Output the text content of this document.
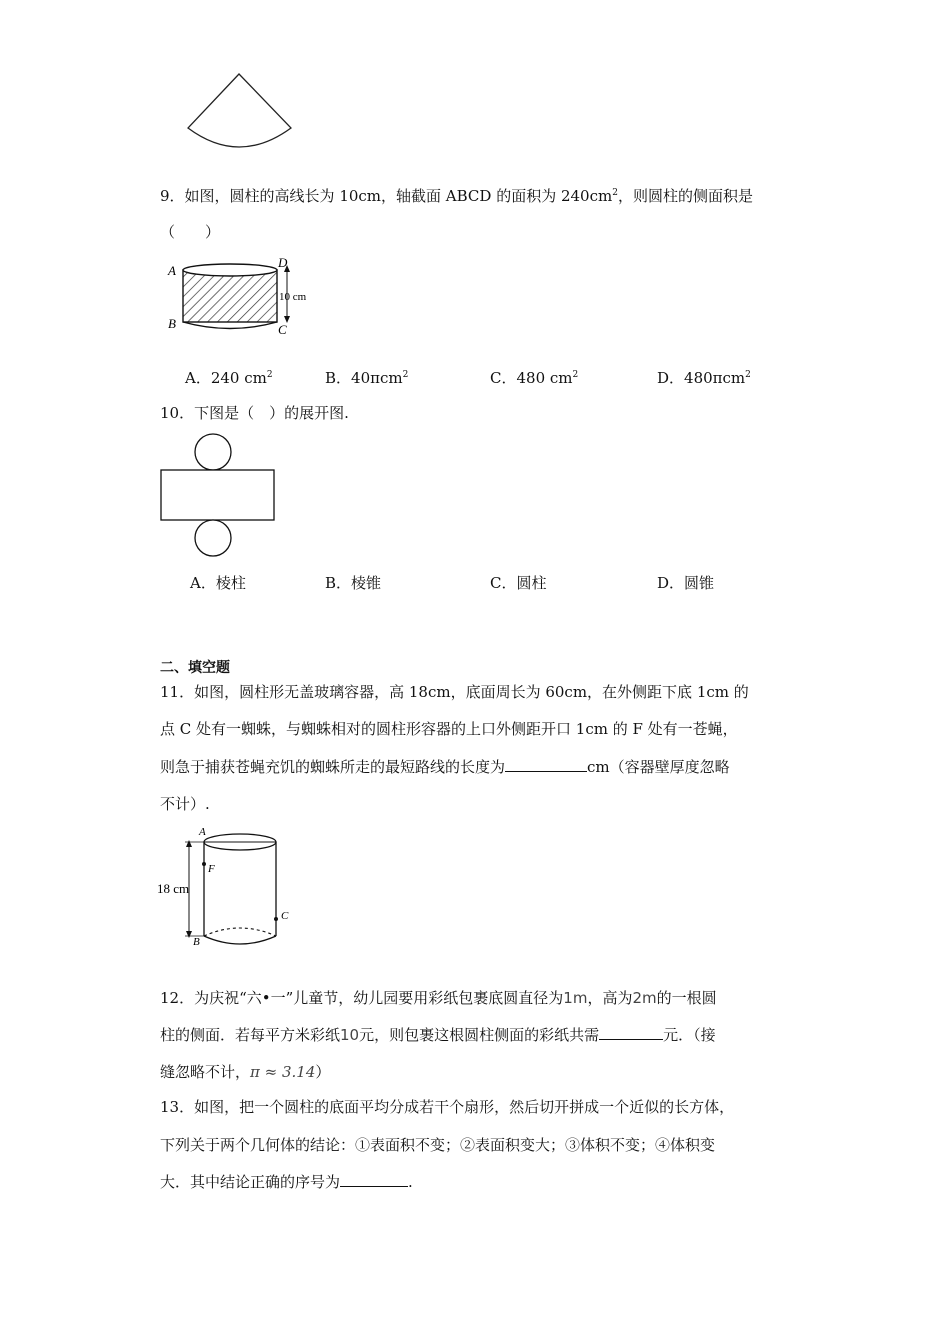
9．如图，圆柱的高线长为 10cm，轴截面 ABCD 的面积为 $240cm^2$，则圆柱的侧面积是
（　　）
A
B
D
C
10 cm
A．240 $cm^2$	B．40πcm$^2$	C．480 $cm^2$	D．480πcm$^2$
10．下图是（　）的展开图.
A．棱柱	B．棱锥	C．圆柱	D．圆锥
二、填空题
11．如图，圆柱形无盖玻璃容器，高 18cm，底面周长为 60cm，在外侧距下底 1cm 的
点 C 处有一蜘蛛，与蜘蛛相对的圆柱形容器的上口外侧距开口 1cm 的 F 处有一苍蝇，
则急于捕获苍蝇充饥的蜘蛛所走的最短路线的长度为	cm（容器壁厚度忽略
不计）.
A
F
C
B
18 cm
12．为庆祝“六•一”儿童节，幼儿园要用彩纸包裹底圆直径为1m，高为2m的一根圆
柱的侧面．若每平方米彩纸10元，则包裹这根圆柱侧面的彩纸共需	元．（接
缝忽略不计，π ≈ 3.14）
13．如图，把一个圆柱的底面平均分成若干个扇形，然后切开拼成一个近似的长方体，
下列关于两个几何体的结论：①表面积不变；②表面积变大；③体积不变；④体积变
大．其中结论正确的序号为	.
